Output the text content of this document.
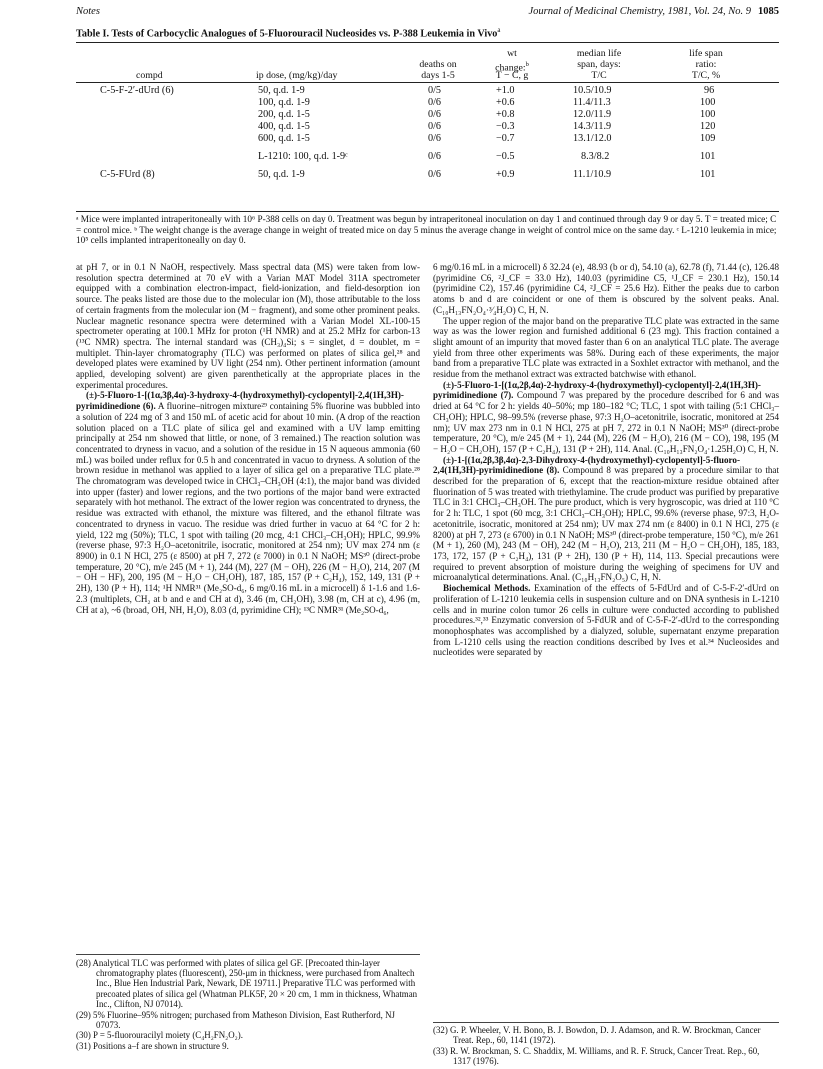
Notes	Journal of Medicinal Chemistry, 1981, Vol. 24, No. 9 1085
Table I. Tests of Carbocyclic Analogues of 5-Fluorouracil Nucleosides vs. P-388 Leukemia in Vivo$^a$
compd	ip dose, (mg/kg)/day
deaths on
days 1-5
wt
change:$^b$
T − C, g
median life
span, days:
T/C
life span
ratio:
T/C, %
C-5-F-2′-dUrd (6)	50, q.d. 1-9	0/5	+1.0	10.5/10.9	96
100, q.d. 1-9	0/6	+0.6	11.4/11.3	100
200, q.d. 1-5	0/6	+0.8	12.0/11.9	100
400, q.d. 1-5	0/6	−0.3	14.3/11.9	120
600, q.d. 1-5	0/6	−0.7	13.1/12.0	109
L-1210: 100, q.d. 1-9ᶜ	0/6	−0.5	8.3/8.2	101
C-5-FUrd (8)	50, q.d. 1-9	0/6	+0.9	11.1/10.9	101
ᵃ Mice were implanted intraperitoneally with 10⁶ P-388 cells on day 0. Treatment was begun by intraperitoneal inoculation on day 1 and continued through day 9 or day 5. T = treated mice; C = control mice. ᵇ The weight change is the average change in weight of treated mice on day 5 minus the average change in weight of control mice on the same day. ᶜ L-1210 leukemia in mice; 10⁵ cells implanted intraperitoneally on day 0.

at pH 7, or in 0.1 N NaOH, respectively. Mass spectral data (MS) were taken from low-resolution spectra determined at 70 eV with a Varian MAT Model 311A spectrometer equipped with a combination electron-impact, field-ionization, and field-desorption ion source. The peaks listed are those due to the molecular ion (M), those attributable to the loss of certain fragments from the molecular ion (M − fragment), and some other prominent peaks. Nuclear magnetic resonance spectra were determined with a Varian Model XL-100-15 spectrometer operating at 100.1 MHz for proton (¹H NMR) and at 25.2 MHz for carbon-13 (¹³C NMR) spectra. The internal standard was (CH₃)₄Si; s = singlet, d = doublet, m = multiplet. Thin-layer chromatography (TLC) was performed on plates of silica gel,²⁸ and developed plates were examined by UV light (254 nm). Other pertinent information (amount applied, developing solvent) are given parenthetically at the appropriate places in the experimental procedures.

(±)-5-Fluoro-1-[(1α,3β,4α)-3-hydroxy-4-(hydroxymethyl)-cyclopentyl]-2,4(1H,3H)-pyrimidinedione (6). A fluorine–nitrogen mixture²⁹ containing 5% fluorine was bubbled into a solution of 224 mg of 3 and 150 mL of acetic acid for about 10 min. (A drop of the reaction solution placed on a TLC plate of silica gel and examined with a UV lamp emitting principally at 254 nm showed that little, or none, of 3 remained.) The reaction solution was concentrated to dryness in vacuo, and a solution of the residue in 15 N aqueous ammonia (60 mL) was boiled under reflux for 0.5 h and concentrated in vacuo to dryness. A solution of the brown residue in methanol was applied to a layer of silica gel on a preparative TLC plate.²⁸ The chromatogram was developed twice in CHCl₃–CH₃OH (4:1), the major band was divided into upper (faster) and lower regions, and the two portions of the major band were extracted separately with hot methanol. The extract of the lower region was concentrated to dryness, the residue was extracted with ethanol, the mixture was filtered, and the ethanol filtrate was concentrated to dryness in vacuo. The residue was dried further in vacuo at 64 °C for 2 h: yield, 122 mg (50%); TLC, 1 spot with tailing (20 mcg, 4:1 CHCl₃–CH₃OH); HPLC, 99.9% (reverse phase, 97:3 H₂O–acetonitrile, isocratic, monitored at 254 nm); UV max 274 nm (ε 8900) in 0.1 N HCl, 275 (ε 8500) at pH 7, 272 (ε 7000) in 0.1 N NaOH; MS³⁰ (direct-probe temperature, 20 °C), m/e 245 (M + 1), 244 (M), 227 (M − OH), 226 (M − H₂O), 214, 207 (M − OH − HF), 200, 195 (M − H₂O − CH₂OH), 187, 185, 157 (P + C₂H₄), 152, 149, 131 (P + 2H), 130 (P + H), 114; ¹H NMR³¹ (Me₂SO-d₆, 6 mg/0.16 mL in a microcell) δ 1-1.6 and 1.6-2.3 (multiplets, CH₂ at b and e and CH at d), 3.46 (m, CH₂OH), 3.98 (m, CH at c), 4.96 (m, CH at a), ~6 (broad, OH, NH, H₂O), 8.03 (d, pyrimidine CH); ¹³C NMR³¹ (Me₂SO-d₆,

6 mg/0.16 mL in a microcell) δ 32.24 (e), 48.93 (b or d), 54.10 (a), 62.78 (f), 71.44 (c), 126.48 (pyrimidine C6, ²J_CF = 33.0 Hz), 140.03 (pyrimidine C5, ¹J_CF = 230.1 Hz), 150.14 (pyrimidine C2), 157.46 (pyrimidine C4, ²J_CF = 25.6 Hz). Either the peaks due to carbon atoms b and d are coincident or one of them is obscured by the solvent peaks. Anal. (C₁₀H₁₃FN₂O₄·³⁄₄H₂O) C, H, N.

The upper region of the major band on the preparative TLC plate was extracted in the same way as was the lower region and furnished additional 6 (23 mg). This fraction contained a slight amount of an impurity that moved faster than 6 on an analytical TLC plate. The average yield from three other experiments was 58%. During each of these experiments, the major band from a preparative TLC plate was extracted in a Soxhlet extractor with methanol, and the residue from the methanol extract was extracted batchwise with ethanol.

(±)-5-Fluoro-1-[(1α,2β,4α)-2-hydroxy-4-(hydroxymethyl)-cyclopentyl]-2,4(1H,3H)-pyrimidinedione (7). Compound 7 was prepared by the procedure described for 6 and was dried at 64 °C for 2 h: yields 40–50%; mp 180–182 °C; TLC, 1 spot with tailing (5:1 CHCl₃–CH₃OH); HPLC, 98–99.5% (reverse phase, 97:3 H₂O–acetonitrile, isocratic, monitored at 254 nm); UV max 273 nm in 0.1 N HCl, 275 at pH 7, 272 in 0.1 N NaOH; MS³⁰ (direct-probe temperature, 20 °C), m/e 245 (M + 1), 244 (M), 226 (M − H₂O), 216 (M − CO), 198, 195 (M − H₂O − CH₂OH), 157 (P + C₂H₄), 131 (P + 2H), 114. Anal. (C₁₀H₁₃FN₂O₄·1.25H₂O) C, H, N.

(±)-1-[(1α,2β,3β,4α)-2,3-Dihydroxy-4-(hydroxymethyl)-cyclopentyl]-5-fluoro-2,4(1H,3H)-pyrimidinedione (8). Compound 8 was prepared by a procedure similar to that described for the preparation of 6, except that the reaction-mixture residue obtained after fluorination of 5 was treated with triethylamine. The crude product was purified by preparative TLC in 3:1 CHCl₃–CH₃OH. The pure product, which is very hygroscopic, was dried at 110 °C for 2 h: TLC, 1 spot (60 mcg, 3:1 CHCl₃–CH₃OH); HPLC, 99.6% (reverse phase, 97:3, H₂O-acetonitrile, isocratic, monitored at 254 nm); UV max 274 nm (ε 8400) in 0.1 N HCl, 275 (ε 8200) at pH 7, 273 (ε 6700) in 0.1 N NaOH; MS³⁰ (direct-probe temperature, 150 °C), m/e 261 (M + 1), 260 (M), 243 (M − OH), 242 (M − H₂O), 213, 211 (M − H₂O − CH₂OH), 185, 183, 173, 172, 157 (P + C₂H₄), 131 (P + 2H), 130 (P + H), 114, 113. Special precautions were required to prevent absorption of moisture during the weighing of specimens for UV and microanalytical determinations. Anal. (C₁₀H₁₃FN₂O₅) C, H, N.

Biochemical Methods. Examination of the effects of 5-FdUrd and of C-5-F-2′-dUrd on proliferation of L-1210 leukemia cells in suspension culture and on DNA synthesis in L-1210 cells and in murine colon tumor 26 cells in culture were conducted according to published procedures.³²,³³ Enzymatic conversion of 5-FdUR and of C-5-F-2′-dUrd to the corresponding monophosphates was accomplished by a dialyzed, soluble, supernatant enzyme preparation from L-1210 cells using the reaction conditions described by Ives et al.³⁴ Nucleosides and nucleotides were separated by

(28) Analytical TLC was performed with plates of silica gel GF. [Precoated thin-layer chromatography plates (fluorescent), 250-μm in thickness, were purchased from Analtech Inc., Blue Hen Industrial Park, Newark, DE 19711.] Preparative TLC was performed with precoated plates of silica gel (Whatman PLK5F, 20 × 20 cm, 1 mm in thickness, Whatman Inc., Clifton, NJ 07014).
(29) 5% Fluorine–95% nitrogen; purchased from Matheson Division, East Rutherford, NJ 07073.
(30) P = 5-fluorouracilyl moiety (C₄H₂FN₂O₂).
(31) Positions a–f are shown in structure 9.
(32) G. P. Wheeler, V. H. Bono, B. J. Bowdon, D. J. Adamson, and R. W. Brockman, Cancer Treat. Rep., 60, 1141 (1972).
(33) R. W. Brockman, S. C. Shaddix, M. Williams, and R. F. Struck, Cancer Treat. Rep., 60, 1317 (1976).
